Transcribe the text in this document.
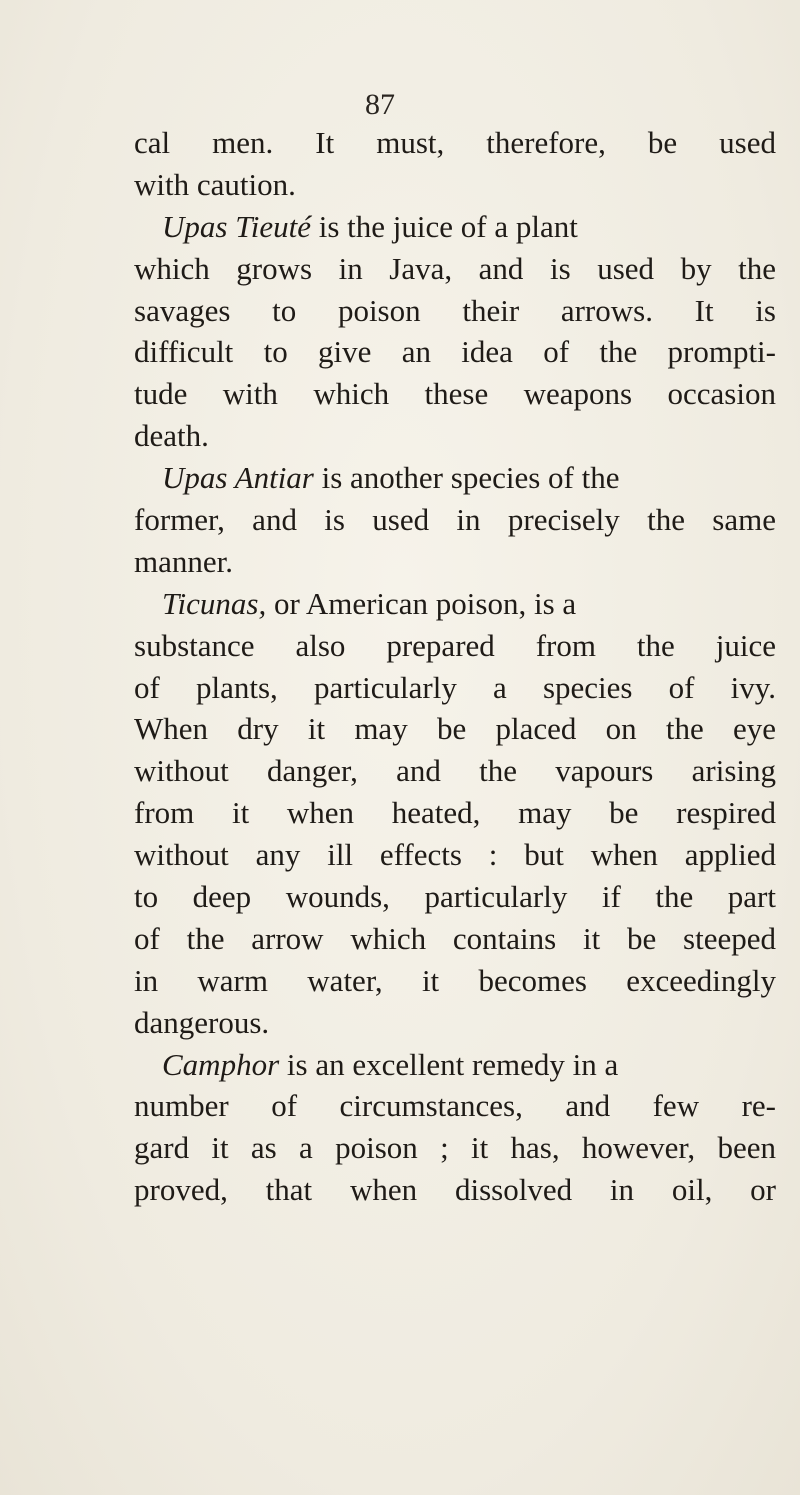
87
cal men. It must, therefore, be used
with caution.
Upas Tieuté is the juice of a plant
which grows in Java, and is used by the
savages to poison their arrows. It is
difficult to give an idea of the prompti-
tude with which these weapons occasion
death.
Upas Antiar is another species of the
former, and is used in precisely the same
manner.
Ticunas, or American poison, is a
substance also prepared from the juice
of plants, particularly a species of ivy.
When dry it may be placed on the eye
without danger, and the vapours arising
from it when heated, may be respired
without any ill effects : but when applied
to deep wounds, particularly if the part
of the arrow which contains it be steeped
in warm water, it becomes exceedingly
dangerous.
Camphor is an excellent remedy in a
number of circumstances, and few re-
gard it as a poison ; it has, however, been
proved, that when dissolved in oil, or
